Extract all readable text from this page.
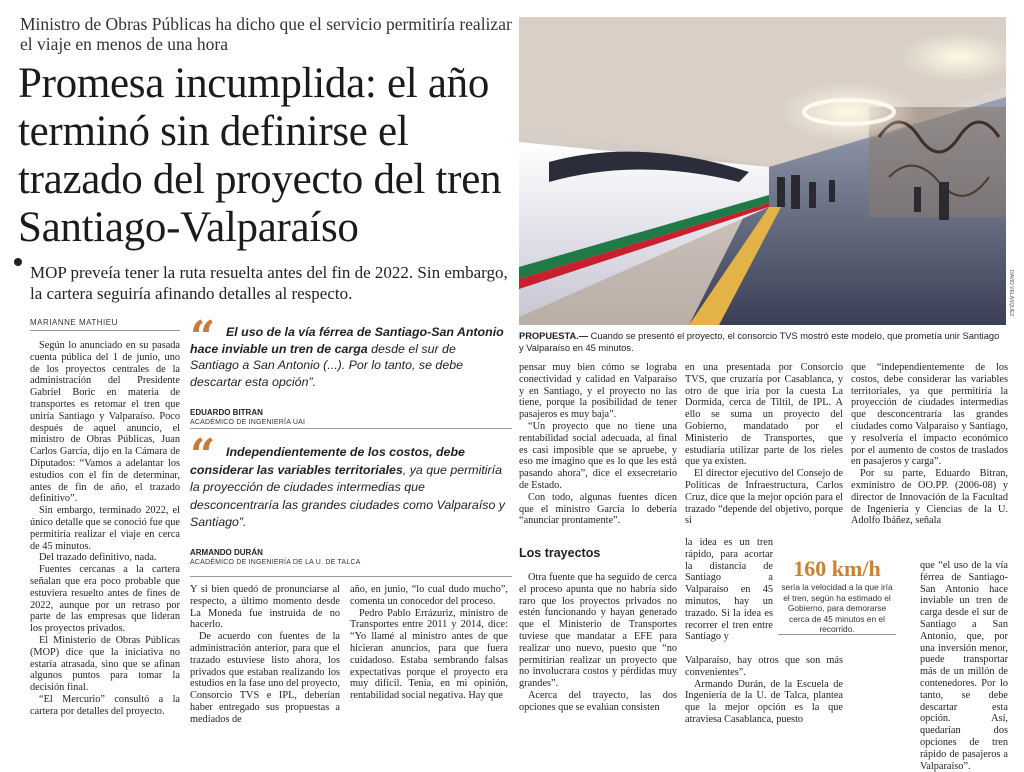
Ministro de Obras Públicas ha dicho que el servicio permitiría realizar el viaje en menos de una hora
Promesa incumplida: el año terminó sin definirse el trazado del proyecto del tren Santiago-Valparaíso
MOP preveía tener la ruta resuelta antes del fin de 2022. Sin embargo, la cartera seguiría afinando detalles al respecto.
MARIANNE MATHIEU

Según lo anunciado en su pasada cuenta pública del 1 de junio, uno de los proyectos centrales de la administración del Presidente Gabriel Boric en materia de transportes es retomar el tren que uniría Santiago y Valparaíso. Poco después de aquel anuncio, el ministro de Obras Públicas, Juan Carlos García, dijo en la Cámara de Diputados: “Vamos a adelantar los estudios con el fin de determinar, antes de fin de año, el trazado definitivo”.

Sin embargo, terminado 2022, el único detalle que se conoció fue que permitiría realizar el viaje en cerca de 45 minutos.

Del trazado definitivo, nada.

Fuentes cercanas a la cartera señalan que era poco probable que estuviera resuelto antes de fines de 2022, aunque por un retraso por parte de las empresas que lideran los proyectos privados.

El Ministerio de Obras Públicas (MOP) dice que la iniciativa no estaría atrasada, sino que se afinan algunos puntos para tomar la decisión final.

“El Mercurio” consultó a la cartera por detalles del proyecto.

“ El uso de la vía férrea de Santiago-San Antonio hace inviable un tren de carga desde el sur de Santiago a San Antonio (...). Por lo tanto, se debe descartar esta opción”.
EDUARDO BITRAN
ACADÉMICO DE INGENIERÍA UAI
“ Independientemente de los costos, debe considerar las variables territoriales, ya que permitiría la proyección de ciudades intermedias que desconcentraría las grandes ciudades como Valparaíso y Santiago”.
ARMANDO DURÁN
ACADÉMICO DE INGENIERÍA DE LA U. DE TALCA

Y si bien quedó de pronunciarse al respecto, a último momento desde La Moneda fue instruida de no hacerlo.

De acuerdo con fuentes de la administración anterior, para que el trazado estuviese listo ahora, los privados que estaban realizando los estudios en la fase uno del proyecto, Consorcio TVS e IPL, deberían haber entregado sus propuestas a mediados de

año, en junio, “lo cual dudo mucho”, comenta un conocedor del proceso.

Pedro Pablo Errázuriz, ministro de Transportes entre 2011 y 2014, dice: “Yo llamé al ministro antes de que hicieran anuncios, para que fuera cuidadoso. Estaba sembrando falsas expectativas porque el proyecto era muy difícil. Tenía, en mi opinión, rentabilidad social negativa. Hay que

DAVID VELÁSQUEZ
PROPUESTA.— Cuando se presentó el proyecto, el consorcio TVS mostró este modelo, que prometía unir Santiago y Valparaíso en 45 minutos.

pensar muy bien cómo se lograba conectividad y calidad en Valparaíso y en Santiago, y el proyecto no las tiene, porque la posibilidad de tener pasajeros es muy baja”.

“Un proyecto que no tiene una rentabilidad social adecuada, al final es casi imposible que se apruebe, y eso me imagino que es lo que les está pasando ahora”, dice el exsecretario de Estado.

Con todo, algunas fuentes dicen que el ministro García lo debería “anunciar prontamente”.

Los trayectos

Otra fuente que ha seguido de cerca el proceso apunta que no habría sido raro que los proyectos privados no estén funcionando y hayan generado que el Ministerio de Transportes tuviese que mandatar a EFE para realizar uno nuevo, puesto que “no permitirían realizar un proyecto que no involucrara costos y pérdidas muy grandes”.

Acerca del trayecto, las dos opciones que se evalúan consisten

en una presentada por Consorcio TVS, que cruzaría por Casablanca, y otro de que iría por la cuesta La Dormida, cerca de Tiltil, de IPL. A ello se suma un proyecto del Gobierno, mandatado por el Ministerio de Transportes, que estudiaría utilizar parte de los rieles que ya existen.

El director ejecutivo del Consejo de Políticas de Infraestructura, Carlos Cruz, dice que la mejor opción para el trazado “depende del objetivo, porque si

la idea es un tren rápido, para acortar la distancia de Santiago a Valparaíso en 45 minutos, hay un trazado. Si la idea es recorrer el tren entre Santiago y

Valparaíso, hay otros que son más convenientes”.

Armando Durán, de la Escuela de Ingeniería de la U. de Talca, plantea que la mejor opción es la que atraviesa Casablanca, puesto

160 km/h
sería la velocidad a la que iría el tren, según ha estimado el Gobierno, para demorarse cerca de 45 minutos en el recorrido.

que “independientemente de los costos, debe considerar las variables territoriales, ya que permitiría la proyección de ciudades intermedias que desconcentraría las grandes ciudades como Valparaíso y Santiago, y resolvería el impacto económico por el aumento de costos de traslados en pasajeros y carga”.

Por su parte, Eduardo Bitran, exministro de OO.PP. (2006-08) y director de Innovación de la Facultad de Ingeniería y Ciencias de la U. Adolfo Ibáñez, señala

que “el uso de la vía férrea de Santiago-San Antonio hace inviable un tren de carga desde el sur de Santiago a San Antonio, que, por una inversión menor, puede transportar más de un millón de contenedores. Por lo tanto, se debe descartar esta opción. Así, quedarían dos opciones de tren rápido de pasajeros a Valparaíso”.
